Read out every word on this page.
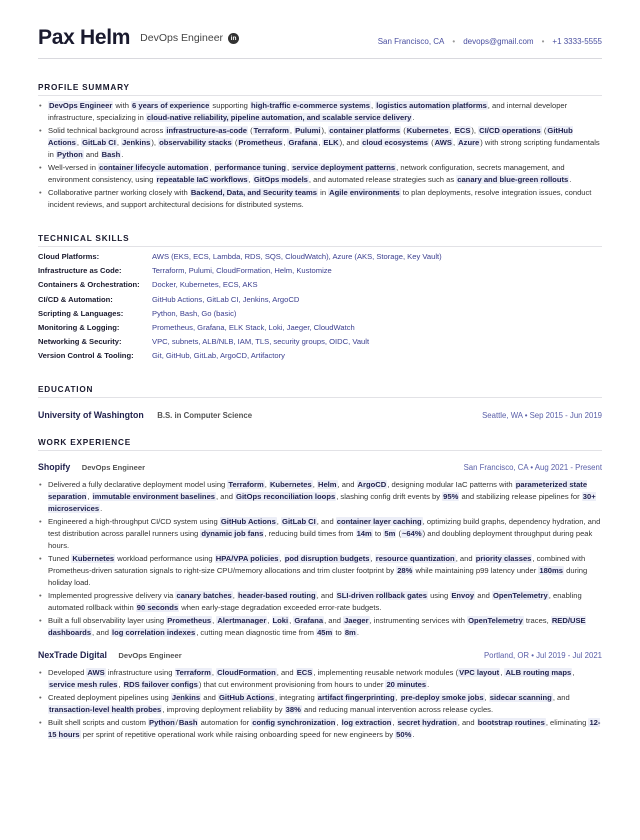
Pax Helm DevOps Engineer	in	San Francisco, CA • devops@gmail.com • +1 3333-5555
PROFILE SUMMARY
• DevOps Engineer with 6 years of experience supporting high-traffic e-commerce systems, logistics automation platforms, and internal developer infrastructure, specializing in cloud-native reliability, pipeline automation, and scalable service delivery.
• Solid technical background across infrastructure-as-code (Terraform, Pulumi), container platforms (Kubernetes, ECS), CI/CD operations (GitHub Actions, GitLab CI, Jenkins), observability stacks (Prometheus, Grafana, ELK), and cloud ecosystems (AWS, Azure) with strong scripting fundamentals in Python and Bash.
• Well-versed in container lifecycle automation, performance tuning, service deployment patterns, network configuration, secrets management, and environment consistency, using repeatable IaC workflows, GitOps models, and automated release strategies such as canary and blue-green rollouts.
• Collaborative partner working closely with Backend, Data, and Security teams in Agile environments to plan deployments, resolve integration issues, conduct incident reviews, and support architectural decisions for distributed systems.
TECHNICAL SKILLS
Cloud Platforms:	AWS (EKS, ECS, Lambda, RDS, SQS, CloudWatch), Azure (AKS, Storage, Key Vault)
Infrastructure as Code:	Terraform, Pulumi, CloudFormation, Helm, Kustomize
Containers & Orchestration:	Docker, Kubernetes, ECS, AKS
CI/CD & Automation:	GitHub Actions, GitLab CI, Jenkins, ArgoCD
Scripting & Languages:	Python, Bash, Go (basic)
Monitoring & Logging:	Prometheus, Grafana, ELK Stack, Loki, Jaeger, CloudWatch
Networking & Security:	VPC, subnets, ALB/NLB, IAM, TLS, security groups, OIDC, Vault
Version Control & Tooling:	Git, GitHub, GitLab, ArgoCD, Artifactory
EDUCATION
University of Washington B.S. in Computer Science	Seattle, WA • Sep 2015 - Jun 2019
WORK EXPERIENCE
Shopify DevOps Engineer	San Francisco, CA • Aug 2021 - Present
• Delivered a fully declarative deployment model using Terraform, Kubernetes, Helm, and ArgoCD, designing modular IaC patterns with parameterized state separation, immutable environment baselines, and GitOps reconciliation loops, slashing config drift events by 95% and stabilizing release pipelines for 30+ microservices.
• Engineered a high-throughput CI/CD system using GitHub Actions, GitLab CI, and container layer caching, optimizing build graphs, dependency hydration, and test distribution across parallel runners using dynamic job fans, reducing build times from 14m to 5m (~64%) and doubling deployment throughput during peak hours.
• Tuned Kubernetes workload performance using HPA/VPA policies, pod disruption budgets, resource quantization, and priority classes, combined with Prometheus-driven saturation signals to right-size CPU/memory allocations and trim cluster footprint by 28% while maintaining p99 latency under 180ms during holiday load.
• Implemented progressive delivery via canary batches, header-based routing, and SLI-driven rollback gates using Envoy and OpenTelemetry, enabling automated rollback within 90 seconds when early-stage degradation exceeded error-rate budgets.
• Built a full observability layer using Prometheus, Alertmanager, Loki, Grafana, and Jaeger, instrumenting services with OpenTelemetry traces, RED/USE dashboards, and log correlation indexes, cutting mean diagnostic time from 45m to 8m.
NexTrade Digital DevOps Engineer	Portland, OR • Jul 2019 - Jul 2021
• Developed AWS infrastructure using Terraform, CloudFormation, and ECS, implementing reusable network modules (VPC layout, ALB routing maps, service mesh rules, RDS failover configs) that cut environment provisioning from hours to under 20 minutes.
• Created deployment pipelines using Jenkins and GitHub Actions, integrating artifact fingerprinting, pre-deploy smoke jobs, sidecar scanning, and transaction-level health probes, improving deployment reliability by 38% and reducing manual intervention across release cycles.
• Built shell scripts and custom Python/Bash automation for config synchronization, log extraction, secret hydration, and bootstrap routines, eliminating 12-15 hours per sprint of repetitive operational work while raising onboarding speed for new engineers by 50%.
